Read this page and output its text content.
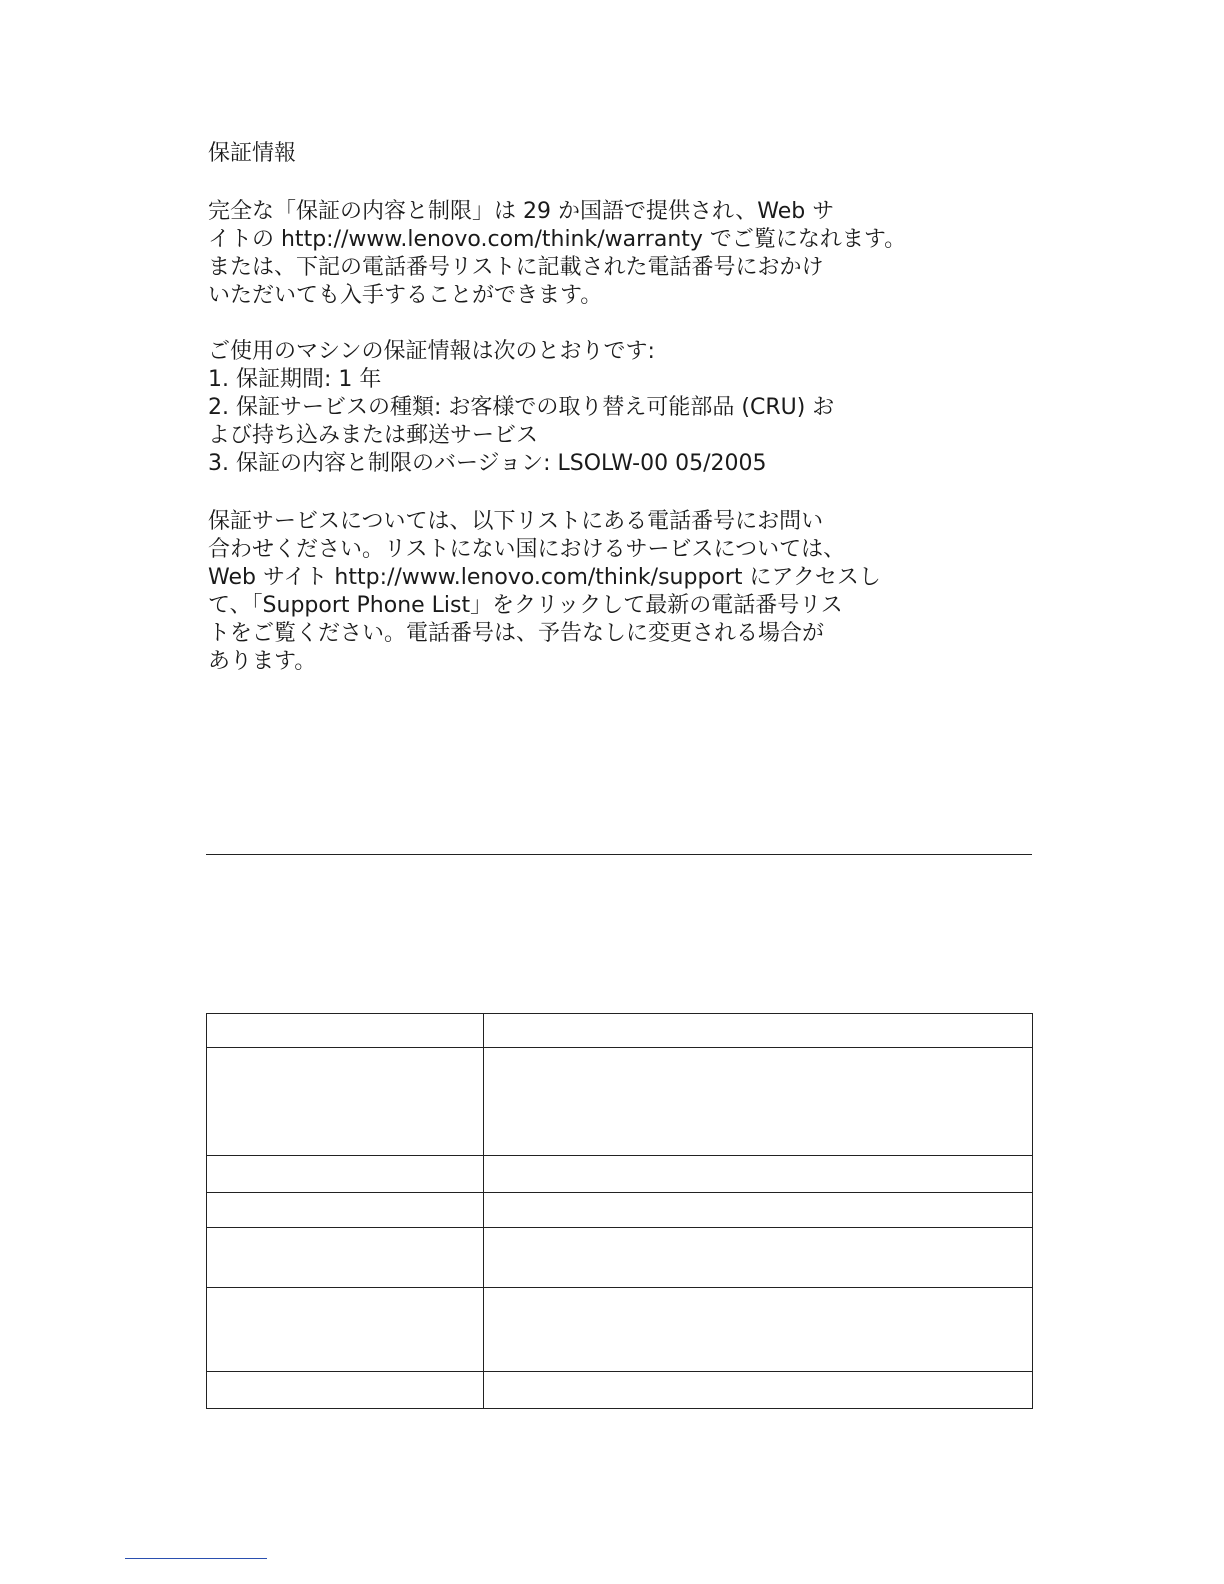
保証情報

完全な「保証の内容と制限」は 29 か国語で提供され、Web サ

イトの http://www.lenovo.com/think/warranty でご覧になれます。

または、下記の電話番号リストに記載された電話番号におかけ

いただいても入手することができます。

ご使用のマシンの保証情報は次のとおりです:

1. 保証期間: 1 年

2. 保証サービスの種類: お客様での取り替え可能部品 (CRU) お

よび持ち込みまたは郵送サービス

3. 保証の内容と制限のバージョン: LSOLW-00 05/2005

保証サービスについては、以下リストにある電話番号にお問い

合わせください。リストにない国におけるサービスについては、

Web サイト http://www.lenovo.com/think/support にアクセスし

て、「Support Phone List」をクリックして最新の電話番号リス

トをご覧ください。電話番号は、予告なしに変更される場合が

あります。
